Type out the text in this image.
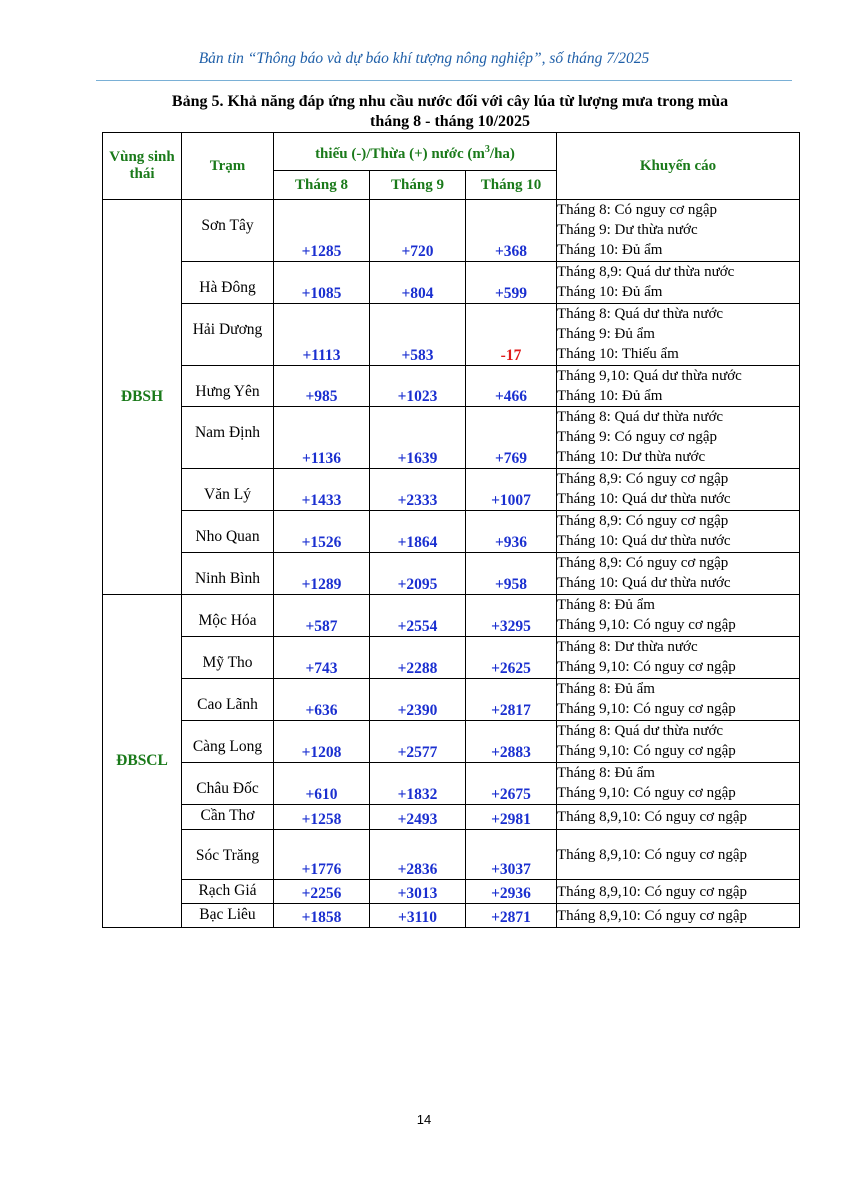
Bản tin “Thông báo và dự báo khí tượng nông nghiệp”, số tháng 7/2025
Bảng 5. Khả năng đáp ứng nhu cầu nước đối với cây lúa từ lượng mưa trong mùa
tháng 8 - tháng 10/2025
Vùng sinh thái	Trạm	thiếu (-)/Thừa (+) nước $(m^3/ha)$			Khuyến cáo
		Tháng 8	Tháng 9	Tháng 10	
ĐBSH	Sơn Tây	+1285	+720	+368	Tháng 8: Có nguy cơ ngập
Tháng 9: Dư thừa nước
Tháng 10: Đủ ẩm

	Hà Đông	+1085	+804	+599	Tháng 8,9: Quá dư thừa nước
Tháng 10: Đủ ẩm

	Hải Dương	+1113	+583	-17	Tháng 8: Quá dư thừa nước
Tháng 9: Đủ ẩm
Tháng 10: Thiếu ẩm

	Hưng Yên	+985	+1023	+466	Tháng 9,10: Quá dư thừa nước
Tháng 10: Đủ ẩm

	Nam Định	+1136	+1639	+769	Tháng 8: Quá dư thừa nước
Tháng 9: Có nguy cơ ngập
Tháng 10: Dư thừa nước

	Văn Lý	+1433	+2333	+1007	Tháng 8,9: Có nguy cơ ngập
Tháng 10: Quá dư thừa nước

	Nho Quan	+1526	+1864	+936	Tháng 8,9: Có nguy cơ ngập
Tháng 10: Quá dư thừa nước

	Ninh Bình	+1289	+2095	+958	Tháng 8,9: Có nguy cơ ngập
Tháng 10: Quá dư thừa nước

ĐBSCL	Mộc Hóa	+587	+2554	+3295	Tháng 8: Đủ ẩm
Tháng 9,10: Có nguy cơ ngập

	Mỹ Tho	+743	+2288	+2625	Tháng 8: Dư thừa nước
Tháng 9,10: Có nguy cơ ngập

	Cao Lãnh	+636	+2390	+2817	Tháng 8: Đủ ẩm
Tháng 9,10: Có nguy cơ ngập

	Càng Long	+1208	+2577	+2883	Tháng 8: Quá dư thừa nước
Tháng 9,10: Có nguy cơ ngập

	Châu Đốc	+610	+1832	+2675	Tháng 8: Đủ ẩm
Tháng 9,10: Có nguy cơ ngập

	Cần Thơ	+1258	+2493	+2981	Tháng 8,9,10: Có nguy cơ ngập

	Sóc Trăng	+1776	+2836	+3037	Tháng 8,9,10: Có nguy cơ ngập

	Rạch Giá	+2256	+3013	+2936	Tháng 8,9,10: Có nguy cơ ngập

	Bạc Liêu	+1858	+3110	+2871	Tháng 8,9,10: Có nguy cơ ngập
14
